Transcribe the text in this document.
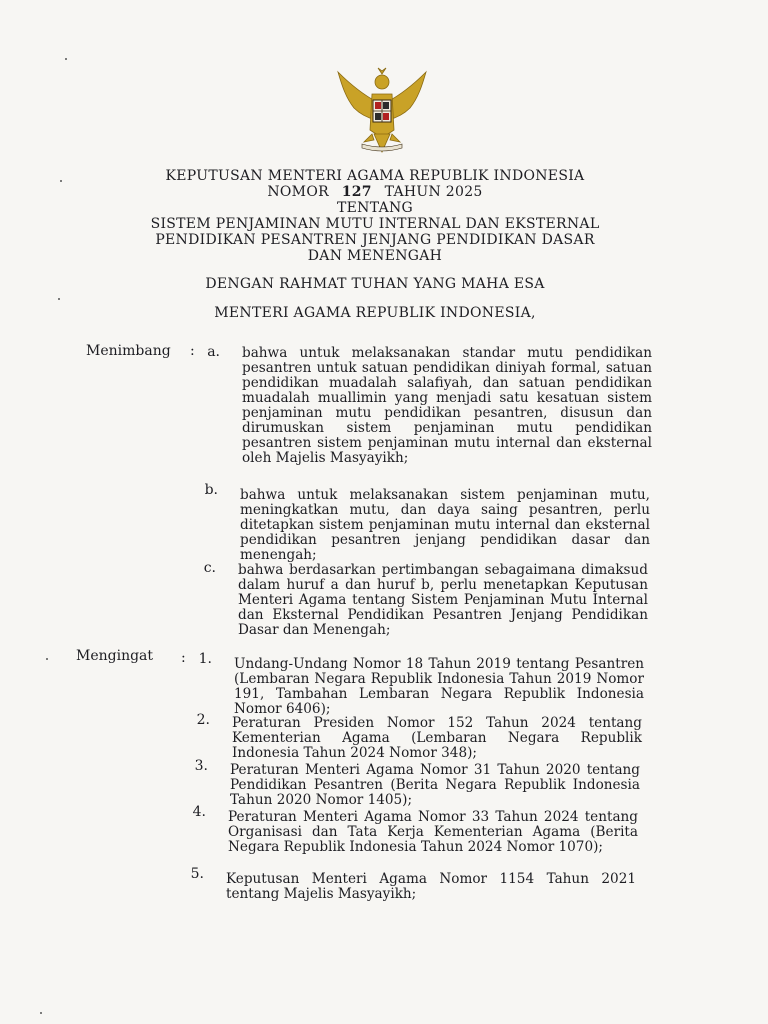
KEPUTUSAN MENTERI AGAMA REPUBLIK INDONESIA
NOMOR 127 TAHUN 2025
TENTANG
SISTEM PENJAMINAN MUTU INTERNAL DAN EKSTERNAL
PENDIDIKAN PESANTREN JENJANG PENDIDIKAN DASAR
DAN MENENGAH
DENGAN RAHMAT TUHAN YANG MAHA ESA
MENTERI AGAMA REPUBLIK INDONESIA,
Menimbang : a. bahwa untuk melaksanakan standar mutu pendidikan pesantren untuk satuan pendidikan diniyah formal, satuan pendidikan muadalah salafiyah, dan satuan pendidikan muadalah muallimin yang menjadi satu kesatuan sistem penjaminan mutu pendidikan pesantren, disusun dan dirumuskan sistem penjaminan mutu pendidikan pesantren sistem penjaminan mutu internal dan eksternal oleh Majelis Masyayikh;
b. bahwa untuk melaksanakan sistem penjaminan mutu, meningkatkan mutu, dan daya saing pesantren, perlu ditetapkan sistem penjaminan mutu internal dan eksternal pendidikan pesantren jenjang pendidikan dasar dan menengah;
c. bahwa berdasarkan pertimbangan sebagaimana dimaksud dalam huruf a dan huruf b, perlu menetapkan Keputusan Menteri Agama tentang Sistem Penjaminan Mutu Internal dan Eksternal Pendidikan Pesantren Jenjang Pendidikan Dasar dan Menengah;
Mengingat : 1. Undang-Undang Nomor 18 Tahun 2019 tentang Pesantren (Lembaran Negara Republik Indonesia Tahun 2019 Nomor 191, Tambahan Lembaran Negara Republik Indonesia Nomor 6406);
2. Peraturan Presiden Nomor 152 Tahun 2024 tentang Kementerian Agama (Lembaran Negara Republik Indonesia Tahun 2024 Nomor 348);
3. Peraturan Menteri Agama Nomor 31 Tahun 2020 tentang Pendidikan Pesantren (Berita Negara Republik Indonesia Tahun 2020 Nomor 1405);
4. Peraturan Menteri Agama Nomor 33 Tahun 2024 tentang Organisasi dan Tata Kerja Kementerian Agama (Berita Negara Republik Indonesia Tahun 2024 Nomor 1070);
5. Keputusan Menteri Agama Nomor 1154 Tahun 2021 tentang Majelis Masyayikh;
